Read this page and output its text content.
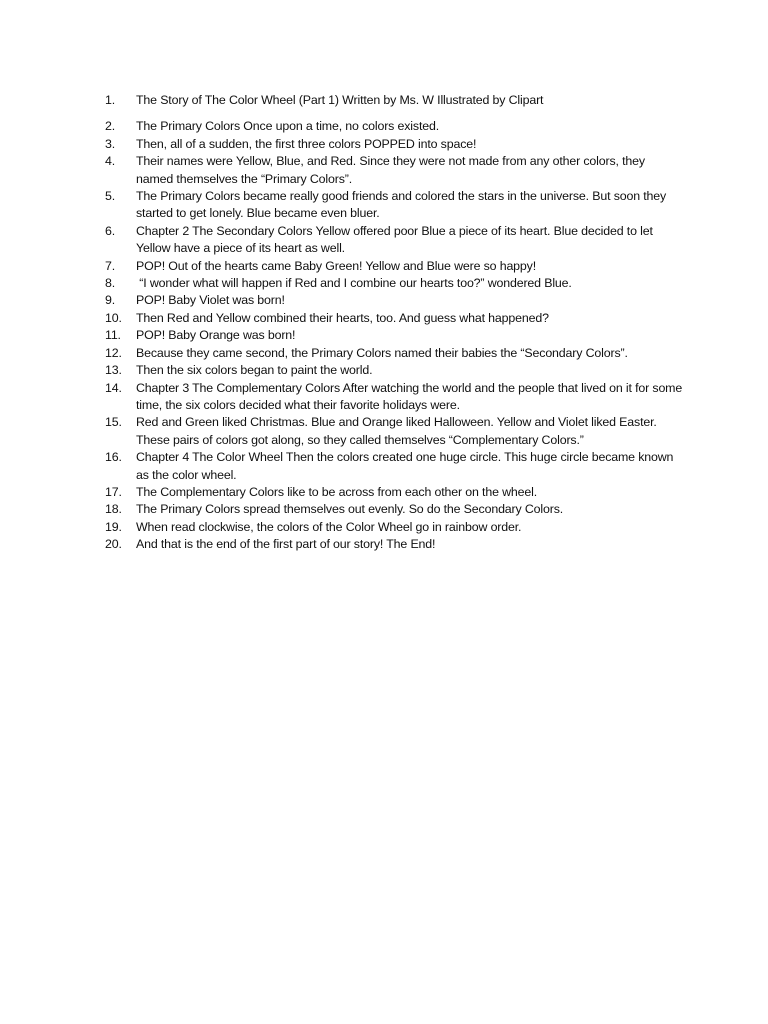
1.	The Story of The Color Wheel (Part 1) Written by Ms. W Illustrated by Clipart
2.	The Primary Colors Once upon a time, no colors existed.
3.	Then, all of a sudden, the first three colors POPPED into space!
4.	Their names were Yellow, Blue, and Red. Since they were not made from any other colors, they named themselves the “Primary Colors”.
5.	The Primary Colors became really good friends and colored the stars in the universe. But soon they started to get lonely. Blue became even bluer.
6.	Chapter 2 The Secondary Colors Yellow offered poor Blue a piece of its heart. Blue decided to let Yellow have a piece of its heart as well.
7.	POP! Out of the hearts came Baby Green! Yellow and Blue were so happy!
8.	“I wonder what will happen if Red and I combine our hearts too?” wondered Blue.
9.	POP! Baby Violet was born!
10.	Then Red and Yellow combined their hearts, too. And guess what happened?
11.	POP! Baby Orange was born!
12.	Because they came second, the Primary Colors named their babies the “Secondary Colors”.
13.	Then the six colors began to paint the world.
14.	Chapter 3 The Complementary Colors After watching the world and the people that lived on it for some time, the six colors decided what their favorite holidays were.
15.	Red and Green liked Christmas. Blue and Orange liked Halloween. Yellow and Violet liked Easter. These pairs of colors got along, so they called themselves “Complementary Colors.”
16.	Chapter 4 The Color Wheel Then the colors created one huge circle. This huge circle became known as the color wheel.
17.	The Complementary Colors like to be across from each other on the wheel.
18.	The Primary Colors spread themselves out evenly. So do the Secondary Colors.
19.	When read clockwise, the colors of the Color Wheel go in rainbow order.
20.	And that is the end of the first part of our story! The End!
